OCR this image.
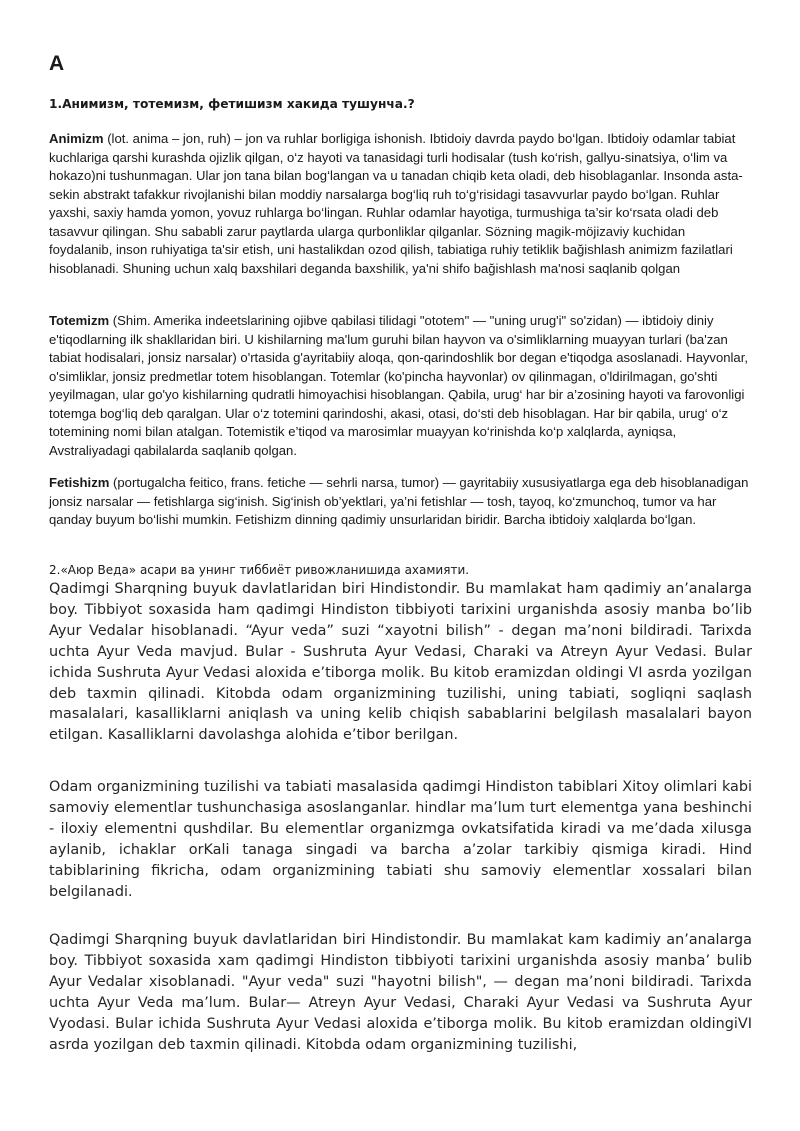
A

1.Анимизм, тотемизм, фетишизм хакида тушунча.?

Animizm (lot. anima – jon, ruh) – jon va ruhlar borligiga ishonish. Ibtidoiy davrda paydo bo‘lgan. Ibtidoiy odamlar tabiat kuchlariga qarshi kurashda ojizlik qilgan, o‘z hayoti va tanasidagi turli hodisalar (tush ko‘rish, gallyu-sinatsiya, o‘lim va hokazo)ni tushunmagan. Ular jon tana bilan bog‘langan va u tanadan chiqib keta oladi, deb hisoblaganlar. Insonda asta-sekin abstrakt tafakkur rivojlanishi bilan moddiy narsalarga bog‘liq ruh to‘g‘risidagi tasavvurlar paydo bo‘lgan. Ruhlar yaxshi, saxiy hamda yomon, yovuz ruhlarga bo‘lingan. Ruhlar odamlar hayotiga, turmushiga ta’sir ko‘rsata oladi deb tasavvur qilingan. Shu sababli zarur paytlarda ularga qurbonliklar qilganlar. Sözning magik-möjizaviy kuchidan foydalanib, inson ruhiyatiga ta'sir etish, uni hastalikdan ozod qilish, tabiatiga ruhiy tetiklik bağishlash animizm fazilatlari hisoblanadi. Shuning uchun xalq baxshilari deganda baxshilik, ya'ni shifo bağishlash ma'nosi saqlanib qolgan

Totemizm (Shim. Amerika indeetslarining ojibve qabilasi tilidagi "ototem" — "uning urug'i" so'zidan) — ibtidoiy diniy e'tiqodlarning ilk shakllaridan biri. U kishilarning ma'lum guruhi bilan hayvon va o'simliklarning muayyan turlari (ba'zan tabiat hodisalari, jonsiz narsalar) o'rtasida g'ayritabiiy aloqa, qon-qarindoshlik bor degan e'tiqodga asoslanadi. Hayvonlar, o'simliklar, jonsiz predmetlar totem hisoblangan. Totemlar (ko'pincha hayvonlar) ov qilinmagan, o'ldirilmagan, go'shti yeyilmagan, ular go'yo kishilarning qudratli himoyachisi hisoblangan. Qabila, urug‘ har bir a’zosining hayoti va farovonligi totemga bog‘liq deb qaralgan. Ular o‘z totemini qarindoshi, akasi, otasi, do‘sti deb hisoblagan. Har bir qabila, urug‘ o‘z totemining nomi bilan atalgan. Totemistik e’tiqod va marosimlar muayyan ko‘rinishda ko‘p xalqlarda, ayniqsa, Avstraliyadagi qabilalarda saqlanib qolgan.

Fetishizm (portugalcha feitico, frans. fetiche — sehrli narsa, tumor) — gayritabiiy xususiyatlarga ega deb hisoblanadigan jonsiz narsalar — fetishlarga sig‘inish. Sig‘inish ob’yektlari, ya’ni fetishlar — tosh, tayoq, ko‘zmunchoq, tumor va har qanday buyum bo‘lishi mumkin. Fetishizm dinning qadimiy unsurlaridan biridir. Barcha ibtidoiy xalqlarda bo‘lgan.

2.«Аюр Веда» асари ва унинг тиббиёт ривожланишида ахамияти.

Qadimgi Sharqning buyuk davlatlaridan biri Hindistondir. Bu mamlakat ham qadimiy an’analarga boy. Tibbiyot soxasida ham qadimgi Hindiston tibbiyoti tarixini urganishda asosiy manba bo’lib Ayur Vedalar hisoblanadi. “Ayur veda” suzi “xayotni bilish” - degan ma’noni bildiradi. Tarixda uchta Ayur Veda mavjud. Bular - Sushruta Ayur Vedasi, Charaki va Atreyn Ayur Vedasi. Bular ichida Sushruta Ayur Vedasi aloxida e’tiborga molik. Bu kitob eramizdan oldingi VI asrda yozilgan deb taxmin qilinadi. Kitobda odam organizmining tuzilishi, uning tabiati, sogliqni saqlash masalalari, kasalliklarni aniqlash va uning kelib chiqish sabablarini belgilash masalalari bayon etilgan. Kasalliklarni davolashga alohida e’tibor berilgan.

Odam organizmining tuzilishi va tabiati masalasida qadimgi Hindiston tabiblari Xitoy olimlari kabi samoviy elementlar tushunchasiga asoslanganlar. hindlar ma’lum turt elementga yana beshinchi - iloxiy elementni qushdilar. Bu elementlar organizmga ovkatsifatida kiradi va me’dada xilusga aylanib, ichaklar orKali tanaga singadi va barcha a’zolar tarkibiy qismiga kiradi. Hind tabiblarining fikricha, odam organizmining tabiati shu samoviy elementlar xossalari bilan belgilanadi.

Qadimgi Sharqning buyuk davlatlaridan biri Hindistondir. Bu mamlakat kam kadimiy an’analarga boy. Tibbiyot soxasida xam qadimgi Hindiston tibbiyoti tarixini urganishda asosiy manba’ bulib Ayur Vedalar xisoblanadi. "Ayur veda" suzi "hayotni bilish", — degan ma’noni bildiradi. Tarixda uchta Ayur Veda ma’lum. Bular— Atreyn Ayur Vedasi, Charaki Ayur Vedasi va Sushruta Ayur Vyodasi. Bular ichida Sushruta Ayur Vedasi aloxida e’tiborga molik. Bu kitob eramizdan oldingiVI asrda yozilgan deb taxmin qilinadi. Kitobda odam organizmining tuzilishi,
